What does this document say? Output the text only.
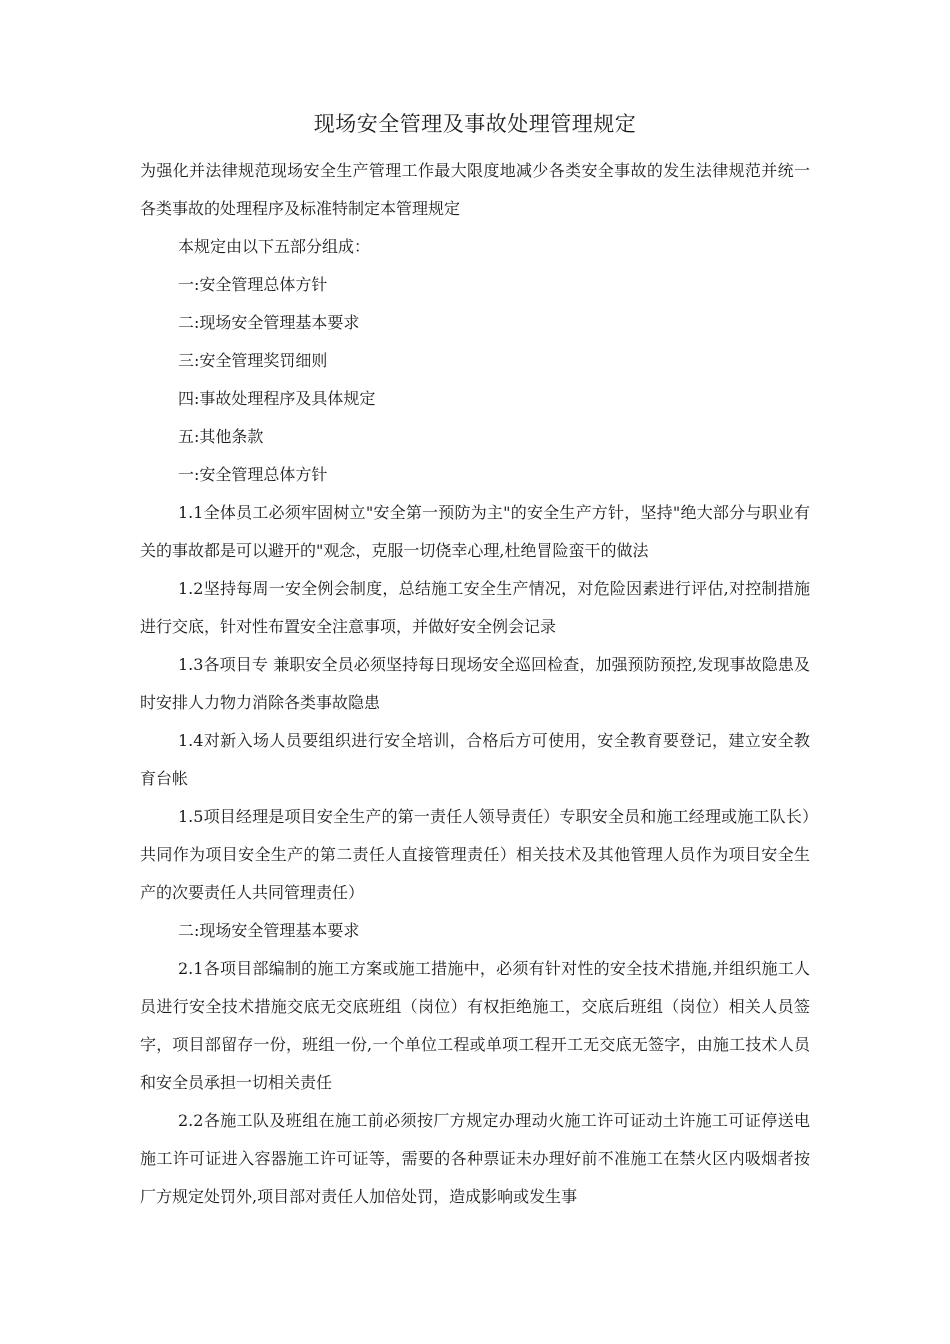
现场安全管理及事故处理管理规定

为强化并法律规范现场安全生产管理工作最大限度地减少各类安全事故的发生法律规范并统一各类事故的处理程序及标准特制定本管理规定

本规定由以下五部分组成：

一:安全管理总体方针

二:现场安全管理基本要求

三:安全管理奖罚细则

四:事故处理程序及具体规定

五:其他条款

一:安全管理总体方针

1.1全体员工必须牢固树立"安全第一预防为主"的安全生产方针，坚持"绝大部分与职业有关的事故都是可以避开的"观念，克服一切侥幸心理,杜绝冒险蛮干的做法

1.2坚持每周一安全例会制度，总结施工安全生产情况，对危险因素进行评估,对控制措施进行交底，针对性布置安全注意事项，并做好安全例会记录

1.3各项目专 兼职安全员必须坚持每日现场安全巡回检查，加强预防预控,发现事故隐患及时安排人力物力消除各类事故隐患

1.4对新入场人员要组织进行安全培训，合格后方可使用，安全教育要登记，建立安全教育台帐

1.5项目经理是项目安全生产的第一责任人领导责任）专职安全员和施工经理或施工队长）共同作为项目安全生产的第二责任人直接管理责任）相关技术及其他管理人员作为项目安全生产的次要责任人共同管理责任）

二:现场安全管理基本要求

2.1各项目部编制的施工方案或施工措施中，必须有针对性的安全技术措施,并组织施工人员进行安全技术措施交底无交底班组（岗位）有权拒绝施工，交底后班组（岗位）相关人员签字，项目部留存一份，班组一份,一个单位工程或单项工程开工无交底无签字，由施工技术人员和安全员承担一切相关责任

2.2各施工队及班组在施工前必须按厂方规定办理动火施工许可证动土许施工可证停送电施工许可证进入容器施工许可证等，需要的各种票证未办理好前不准施工在禁火区内吸烟者按厂方规定处罚外,项目部对责任人加倍处罚，造成影响或发生事
